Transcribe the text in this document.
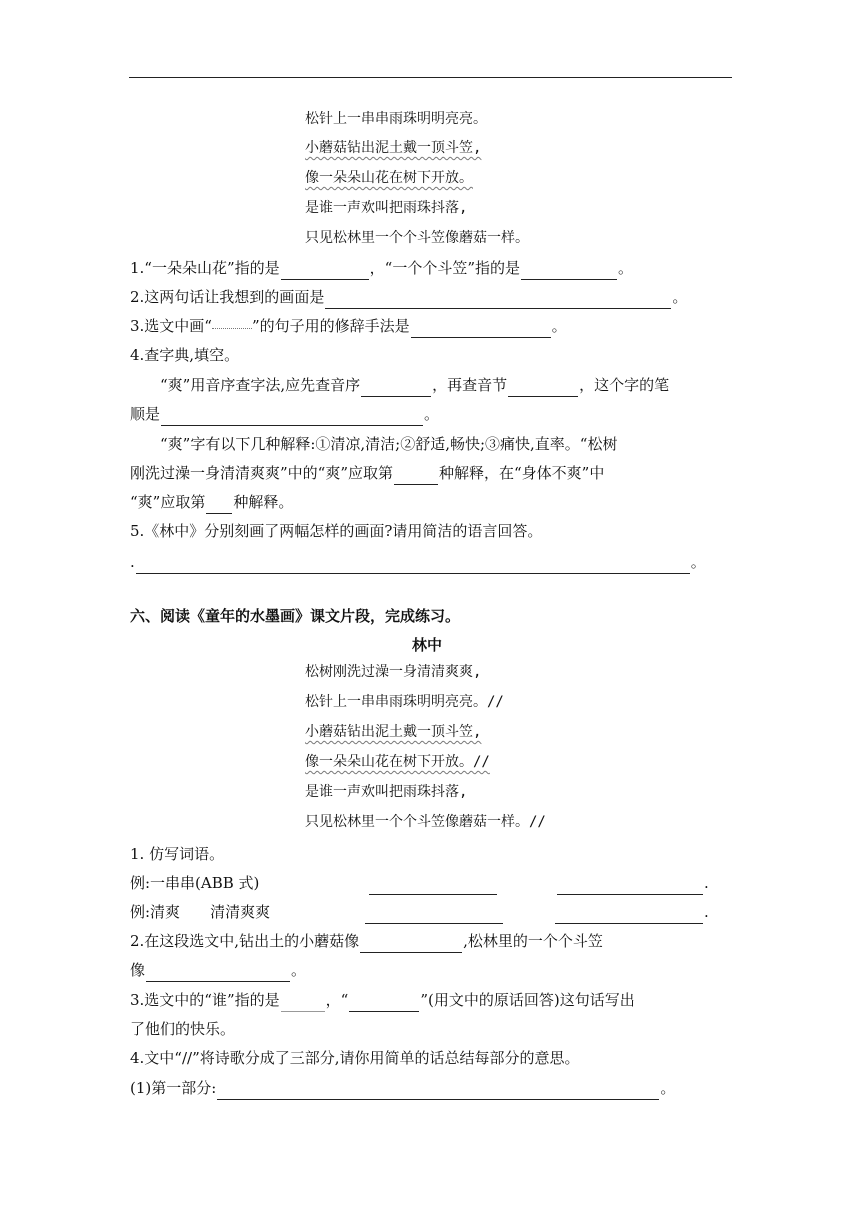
松针上一串串雨珠明明亮亮。
小蘑菇钻出泥土戴一顶斗笠,
像一朵朵山花在树下开放。
是谁一声欢叫把雨珠抖落,
只见松林里一个个斗笠像蘑菇一样。
1.“一朵朵山花”指的是	，“一个个斗笠”指的是	。
2.这两句话让我想到的画面是	。
3.选文中画“	”的句子用的修辞手法是	。
4.查字典,填空。
“爽”用音序查字法,应先查音序	，再查音节	，这个字的笔
顺是	。
“爽”字有以下几种解释:①清凉,清洁;②舒适,畅快;③痛快,直率。“松树
刚洗过澡一身清清爽爽”中的“爽”应取第	种解释，在“身体不爽”中
“爽”应取第 种解释。
5.《林中》分别刻画了两幅怎样的画面?请用简洁的语言回答。
.	。
六、阅读《童年的水墨画》课文片段，完成练习。
林中
松树刚洗过澡一身清清爽爽,
松针上一串串雨珠明明亮亮。//
小蘑菇钻出泥土戴一顶斗笠,
像一朵朵山花在树下开放。//
是谁一声欢叫把雨珠抖落,
只见松林里一个个斗笠像蘑菇一样。//
1. 仿写词语。
例:一串串(ABB 式)	.
例:清爽 清清爽爽	.
2.在这段选文中,钻出土的小蘑菇像	,松林里的一个个斗笠
像	。
3.选文中的“谁”指的是	，“	”(用文中的原话回答)这句话写出
了他们的快乐。
4.文中“//”将诗歌分成了三部分,请你用简单的话总结每部分的意思。
(1)第一部分:	。
